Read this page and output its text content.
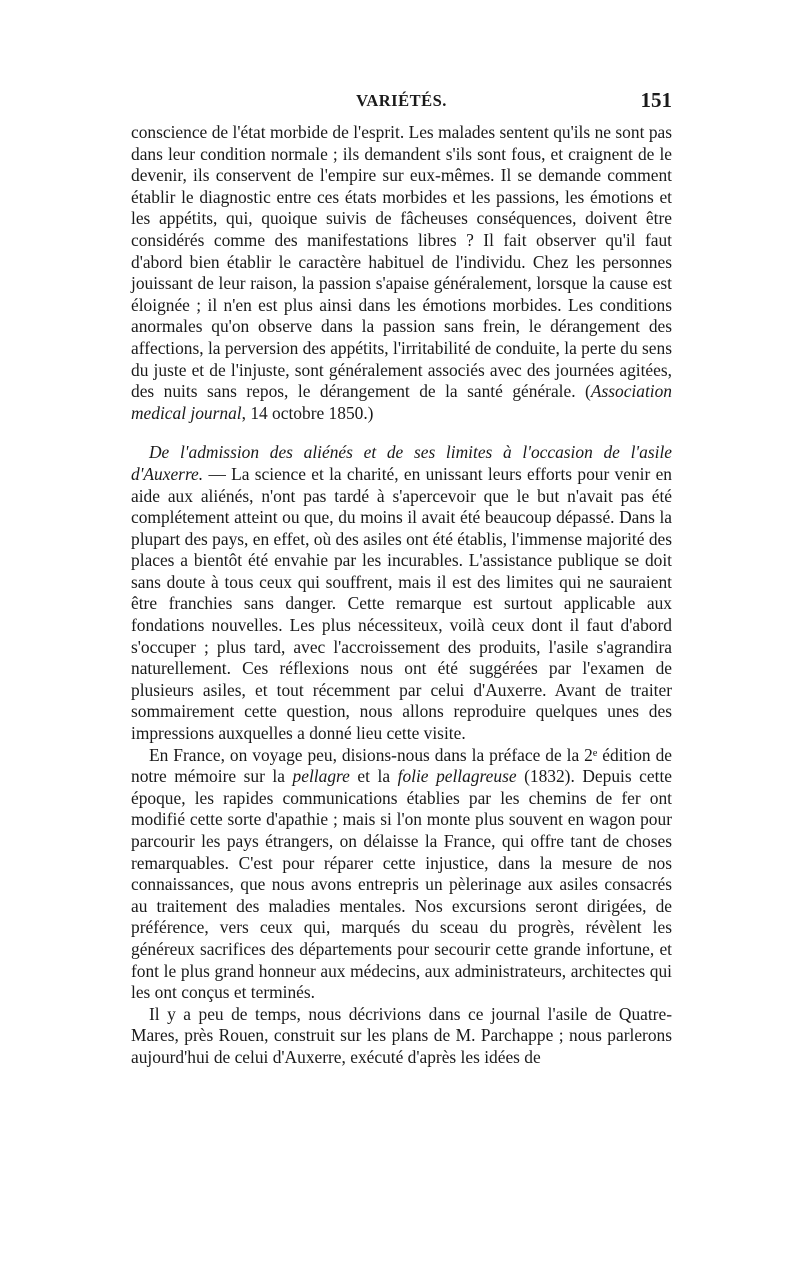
VARIÉTÉS.	151

conscience de l'état morbide de l'esprit. Les malades sentent qu'ils ne sont pas dans leur condition normale ; ils demandent s'ils sont fous, et craignent de le devenir, ils conservent de l'empire sur eux-mêmes. Il se demande comment établir le diagnostic entre ces états morbides et les passions, les émotions et les appétits, qui, quoique suivis de fâcheuses conséquences, doivent être considérés comme des manifestations libres ? Il fait observer qu'il faut d'abord bien établir le caractère habituel de l'individu. Chez les personnes jouissant de leur raison, la passion s'apaise généralement, lorsque la cause est éloignée ; il n'en est plus ainsi dans les émotions morbides. Les conditions anormales qu'on observe dans la passion sans frein, le dérangement des affections, la perversion des appétits, l'irritabilité de conduite, la perte du sens du juste et de l'injuste, sont généralement associés avec des journées agitées, des nuits sans repos, le dérangement de la santé générale. (Association medical journal, 14 octobre 1850.)

De l'admission des aliénés et de ses limites à l'occasion de l'asile d'Auxerre. — La science et la charité, en unissant leurs efforts pour venir en aide aux aliénés, n'ont pas tardé à s'apercevoir que le but n'avait pas été complétement atteint ou que, du moins il avait été beaucoup dépassé. Dans la plupart des pays, en effet, où des asiles ont été établis, l'immense majorité des places a bientôt été envahie par les incurables. L'assistance publique se doit sans doute à tous ceux qui souffrent, mais il est des limites qui ne sauraient être franchies sans danger. Cette remarque est surtout applicable aux fondations nouvelles. Les plus nécessiteux, voilà ceux dont il faut d'abord s'occuper ; plus tard, avec l'accroissement des produits, l'asile s'agrandira naturellement. Ces réflexions nous ont été suggérées par l'examen de plusieurs asiles, et tout récemment par celui d'Auxerre. Avant de traiter sommairement cette question, nous allons reproduire quelques unes des impressions auxquelles a donné lieu cette visite.

En France, on voyage peu, disions-nous dans la préface de la 2ᵉ édition de notre mémoire sur la pellagre et la folie pellagreuse (1832). Depuis cette époque, les rapides communications établies par les chemins de fer ont modifié cette sorte d'apathie ; mais si l'on monte plus souvent en wagon pour parcourir les pays étrangers, on délaisse la France, qui offre tant de choses remarquables. C'est pour réparer cette injustice, dans la mesure de nos connaissances, que nous avons entrepris un pèlerinage aux asiles consacrés au traitement des maladies mentales. Nos excursions seront dirigées, de préférence, vers ceux qui, marqués du sceau du progrès, révèlent les généreux sacrifices des départements pour secourir cette grande infortune, et font le plus grand honneur aux médecins, aux administrateurs, architectes qui les ont conçus et terminés.

Il y a peu de temps, nous décrivions dans ce journal l'asile de Quatre-Mares, près Rouen, construit sur les plans de M. Parchappe ; nous parlerons aujourd'hui de celui d'Auxerre, exécuté d'après les idées de
